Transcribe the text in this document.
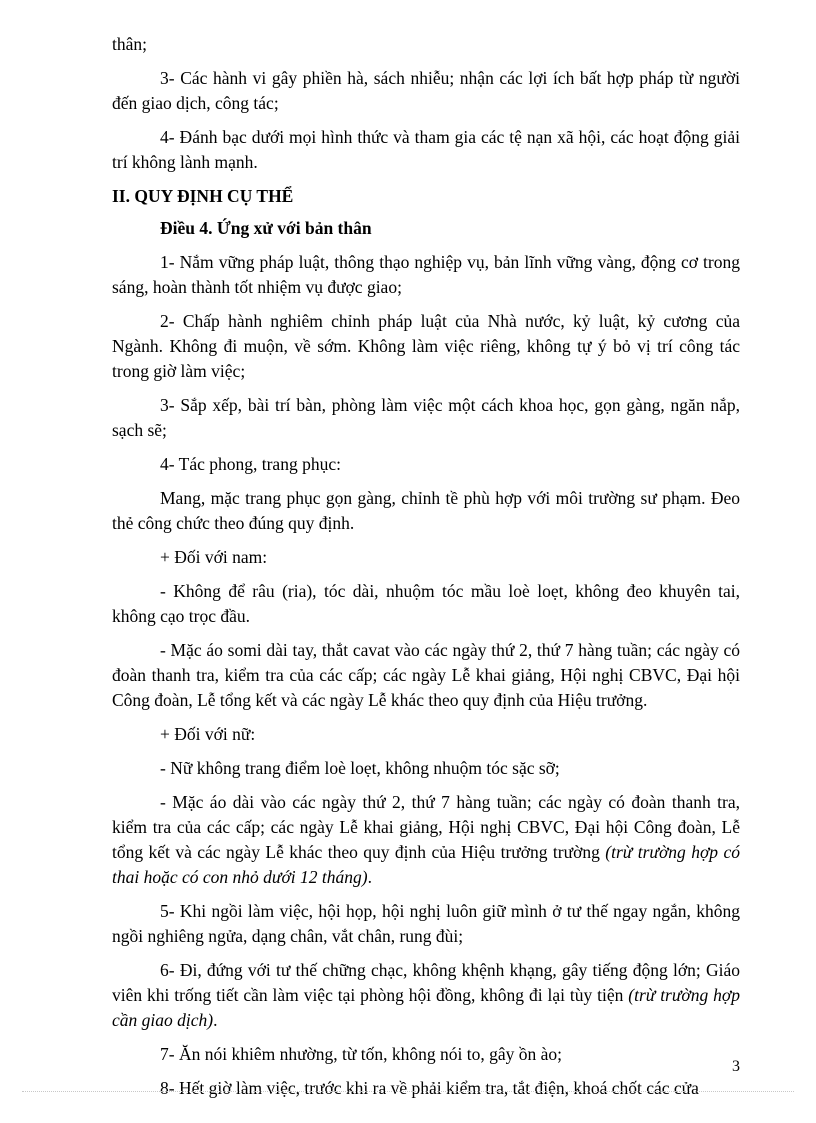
thân;

3- Các hành vi gây phiền hà, sách nhiễu; nhận các lợi ích bất hợp pháp từ người đến giao dịch, công tác;

4- Đánh bạc dưới mọi hình thức và tham gia các tệ nạn xã hội, các hoạt động giải trí không lành mạnh.

II. QUY ĐỊNH CỤ THỂ

Điều 4. Ứng xử với bản thân

1- Nắm vững pháp luật, thông thạo nghiệp vụ, bản lĩnh vững vàng, động cơ trong sáng, hoàn thành tốt nhiệm vụ được giao;

2- Chấp hành nghiêm chỉnh pháp luật của Nhà nước, kỷ luật, kỷ cương của Ngành. Không đi muộn, về sớm. Không làm việc riêng, không tự ý bỏ vị trí công tác trong giờ làm việc;

3- Sắp xếp, bài trí bàn, phòng làm việc một cách khoa học, gọn gàng, ngăn nắp, sạch sẽ;

4- Tác phong, trang phục:

Mang, mặc trang phục gọn gàng, chỉnh tề phù hợp với môi trường sư phạm. Đeo thẻ công chức theo đúng quy định.

+ Đối với nam:

- Không để râu (ria), tóc dài, nhuộm tóc mầu loè loẹt, không đeo khuyên tai, không cạo trọc đầu.

- Mặc áo somi dài tay, thắt cavat vào các ngày thứ 2, thứ 7 hàng tuần; các ngày có đoàn thanh tra, kiểm tra của các cấp; các ngày Lễ khai giảng, Hội nghị CBVC, Đại hội Công đoàn, Lễ tổng kết và các ngày Lễ khác theo quy định của Hiệu trưởng.

+ Đối với nữ:

- Nữ không trang điểm loè loẹt, không nhuộm tóc sặc sỡ;

- Mặc áo dài vào các ngày thứ 2, thứ 7 hàng tuần; các ngày có đoàn thanh tra, kiểm tra của các cấp; các ngày Lễ khai giảng, Hội nghị CBVC, Đại hội Công đoàn, Lễ tổng kết và các ngày Lễ khác theo quy định của Hiệu trưởng trường (trừ trường hợp có thai hoặc có con nhỏ dưới 12 tháng).

5- Khi ngồi làm việc, hội họp, hội nghị luôn giữ mình ở tư thế ngay ngắn, không ngồi nghiêng ngửa, dạng chân, vắt chân, rung đùi;

6- Đi, đứng với tư thế chững chạc, không khệnh khạng, gây tiếng động lớn; Giáo viên khi trống tiết cần làm việc tại phòng hội đồng, không đi lại tùy tiện (trừ trường hợp cần giao dịch).

7- Ăn nói khiêm nhường, từ tốn, không nói to, gây ồn ào;

8- Hết giờ làm việc, trước khi ra về phải kiểm tra, tắt điện, khoá chốt các cửa

3
